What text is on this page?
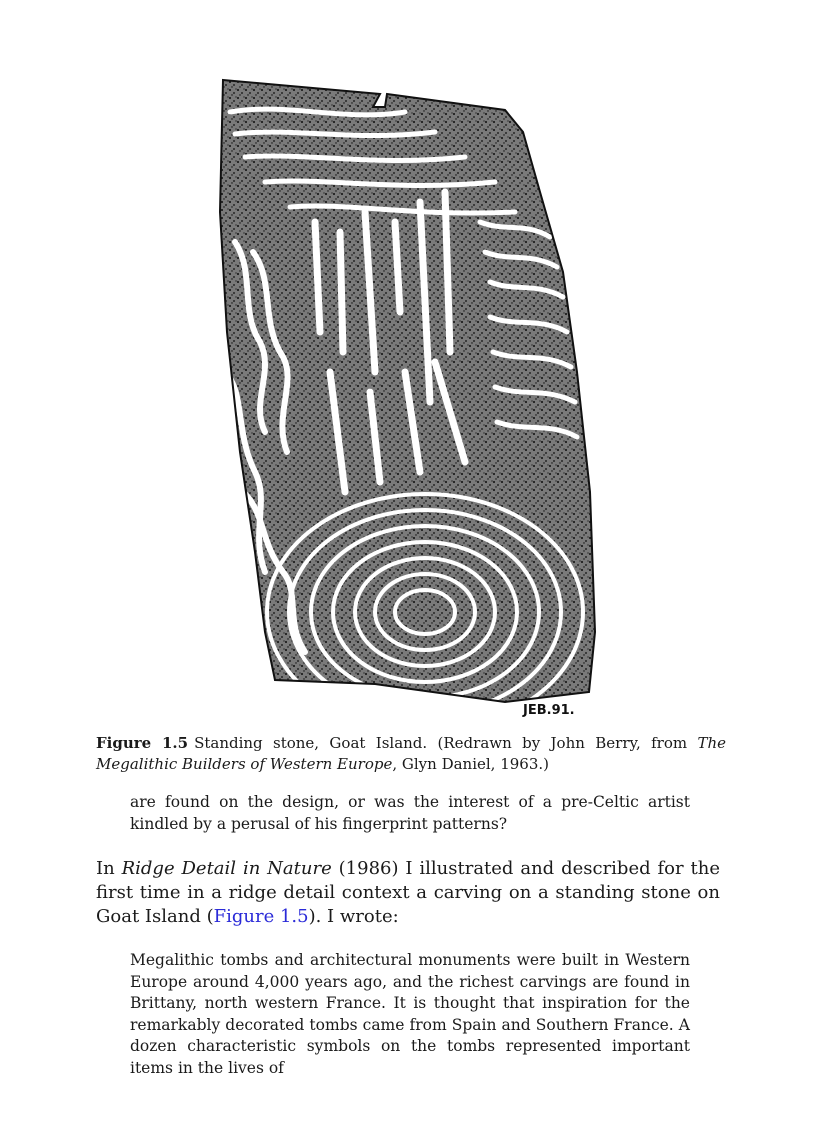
JEB.91.
Figure 1.5 Standing stone, Goat Island. (Redrawn by John Berry, from The Megalithic Builders of Western Europe, Glyn Daniel, 1963.)
are found on the design, or was the interest of a pre-Celtic artist kindled by a perusal of his fingerprint patterns?
In Ridge Detail in Nature (1986) I illustrated and described for the first time in a ridge detail context a carving on a standing stone on Goat Island (Figure 1.5). I wrote:
Megalithic tombs and architectural monuments were built in Western Europe around 4,000 years ago, and the richest carvings are found in Brittany, north western France. It is thought that inspiration for the remarkably decorated tombs came from Spain and Southern France. A dozen characteristic symbols on the tombs represented important items in the lives of
